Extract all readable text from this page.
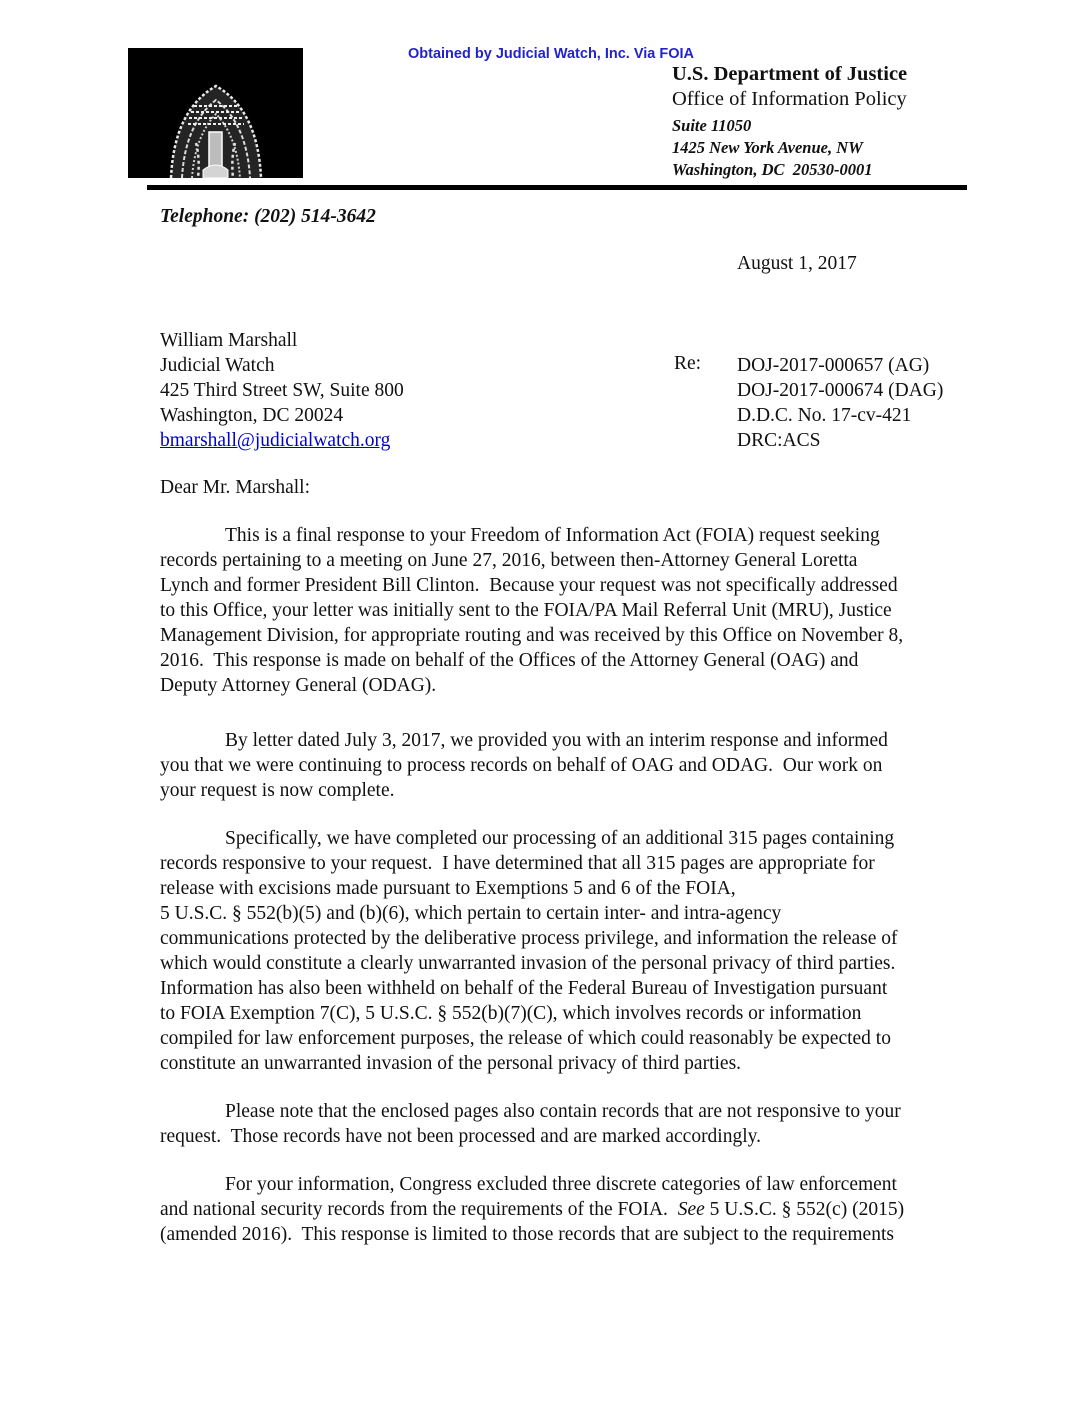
Obtained by Judicial Watch, Inc. Via FOIA
U.S. Department of Justice
Office of Information Policy
Suite 11050
1425 New York Avenue, NW
Washington, DC  20530-0001
Telephone: (202) 514-3642
August 1, 2017
William Marshall
Judicial Watch
425 Third Street SW, Suite 800
Washington, DC 20024
bmarshall@judicialwatch.org
Re: DOJ-2017-000657 (AG)
DOJ-2017-000674 (DAG)
D.D.C. No. 17-cv-421
DRC:ACS
Dear Mr. Marshall:
This is a final response to your Freedom of Information Act (FOIA) request seeking
records pertaining to a meeting on June 27, 2016, between then-Attorney General Loretta
Lynch and former President Bill Clinton.  Because your request was not specifically addressed
to this Office, your letter was initially sent to the FOIA/PA Mail Referral Unit (MRU), Justice
Management Division, for appropriate routing and was received by this Office on November 8,
2016.  This response is made on behalf of the Offices of the Attorney General (OAG) and
Deputy Attorney General (ODAG).
By letter dated July 3, 2017, we provided you with an interim response and informed
you that we were continuing to process records on behalf of OAG and ODAG.  Our work on
your request is now complete.
Specifically, we have completed our processing of an additional 315 pages containing
records responsive to your request.  I have determined that all 315 pages are appropriate for
release with excisions made pursuant to Exemptions 5 and 6 of the FOIA,
5 U.S.C. § 552(b)(5) and (b)(6), which pertain to certain inter- and intra-agency
communications protected by the deliberative process privilege, and information the release of
which would constitute a clearly unwarranted invasion of the personal privacy of third parties.
Information has also been withheld on behalf of the Federal Bureau of Investigation pursuant
to FOIA Exemption 7(C), 5 U.S.C. § 552(b)(7)(C), which involves records or information
compiled for law enforcement purposes, the release of which could reasonably be expected to
constitute an unwarranted invasion of the personal privacy of third parties.
Please note that the enclosed pages also contain records that are not responsive to your
request.  Those records have not been processed and are marked accordingly.
For your information, Congress excluded three discrete categories of law enforcement
and national security records from the requirements of the FOIA.  See 5 U.S.C. § 552(c) (2015)
(amended 2016).  This response is limited to those records that are subject to the requirements
